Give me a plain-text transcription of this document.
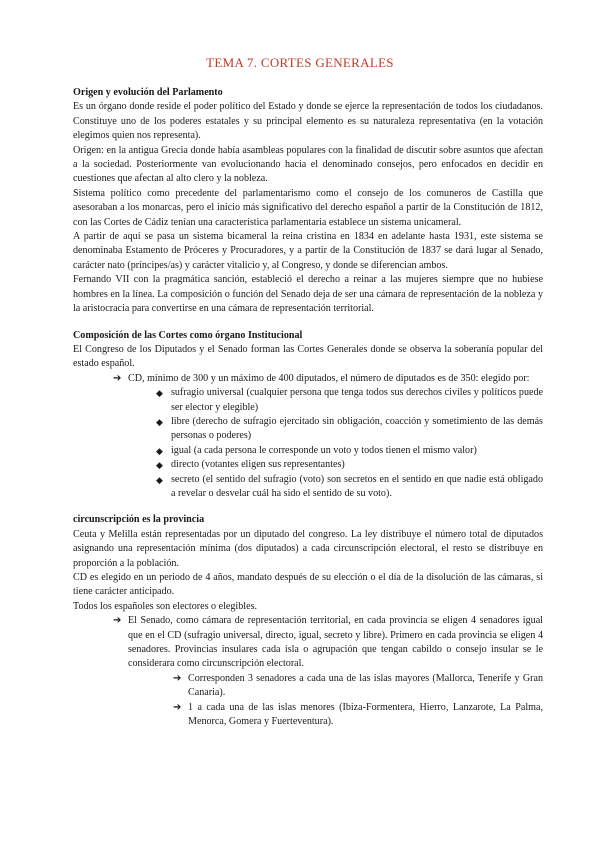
TEMA 7. CORTES GENERALES

Origen y evolución del Parlamento

Es un órgano donde reside el poder político del Estado y donde se ejerce la representación de todos los ciudadanos. Constituye uno de los poderes estatales y su principal elemento es su naturaleza representativa (en la votación elegimos quien nos representa).

Origen: en la antigua Grecia donde había asambleas populares con la finalidad de discutir sobre asuntos que afectan a la sociedad. Posteriormente van evolucionando hacia el denominado consejos, pero enfocados en decidir en cuestiones que afectan al alto clero y la nobleza.

Sistema político como precedente del parlamentarismo como el consejo de los comuneros de Castilla que asesoraban a los monarcas, pero el inicio más significativo del derecho español a partir de la Constitución de 1812, con las Cortes de Cádiz tenían una característica parlamentaria establece un sistema unicameral.

A partir de aquí se pasa un sistema bicameral la reina cristina en 1834 en adelante hasta 1931, este sistema se denominaba Estamento de Próceres y Procuradores, y a partir de la Constitución de 1837 se dará lugar al Senado, carácter nato (príncipes/as) y carácter vitalicio y, al Congreso, y donde se diferencian ambos.

Fernando VII con la pragmática sanción, estableció el derecho a reinar a las mujeres siempre que no hubiese hombres en la línea. La composición o función del Senado deja de ser una cámara de representación de la nobleza y la aristocracia para convertirse en una cámara de representación territorial.

Composición de las Cortes como órgano Institucional

El Congreso de los Diputados y el Senado forman las Cortes Generales donde se observa la soberanía popular del estado español.

➔ CD, mínimo de 300 y un máximo de 400 diputados, el número de diputados es de 350: elegido por:

◆ sufragio universal (cualquier persona que tenga todos sus derechos civiles y políticos puede ser elector y elegible)

◆ libre (derecho de sufragio ejercitado sin obligación, coacción y sometimiento de las demás personas o poderes)

◆ igual (a cada persona le corresponde un voto y todos tienen el mismo valor)

◆ directo (votantes eligen sus representantes)

◆ secreto (el sentido del sufragio (voto) son secretos en el sentido en que nadie está obligado a revelar o desvelar cuál ha sido el sentido de su voto).

circunscripción es la provincia

Ceuta y Melilla están representadas por un diputado del congreso. La ley distribuye el número total de diputados asignando una representación mínima (dos diputados) a cada circunscripción electoral, el resto se distribuye en proporción a la población.

CD es elegido en un periodo de 4 años, mandato después de su elección o el día de la disolución de las cámaras, si tiene carácter anticipado.

Todos los españoles son electores o elegibles.

➔ El Senado, como cámara de representación territorial, en cada provincia se eligen 4 senadores igual que en el CD (sufragio universal, directo, igual, secreto y libre). Primero en cada provincia se eligen 4 senadores. Provincias insulares cada isla o agrupación que tengan cabildo o consejo insular se le considerara como circunscripción electoral.

➔ Corresponden 3 senadores a cada una de las islas mayores (Mallorca, Tenerife y Gran Canaria).

➔ 1 a cada una de las islas menores (Ibiza-Formentera, Hierro, Lanzarote, La Palma, Menorca, Gomera y Fuerteventura).
